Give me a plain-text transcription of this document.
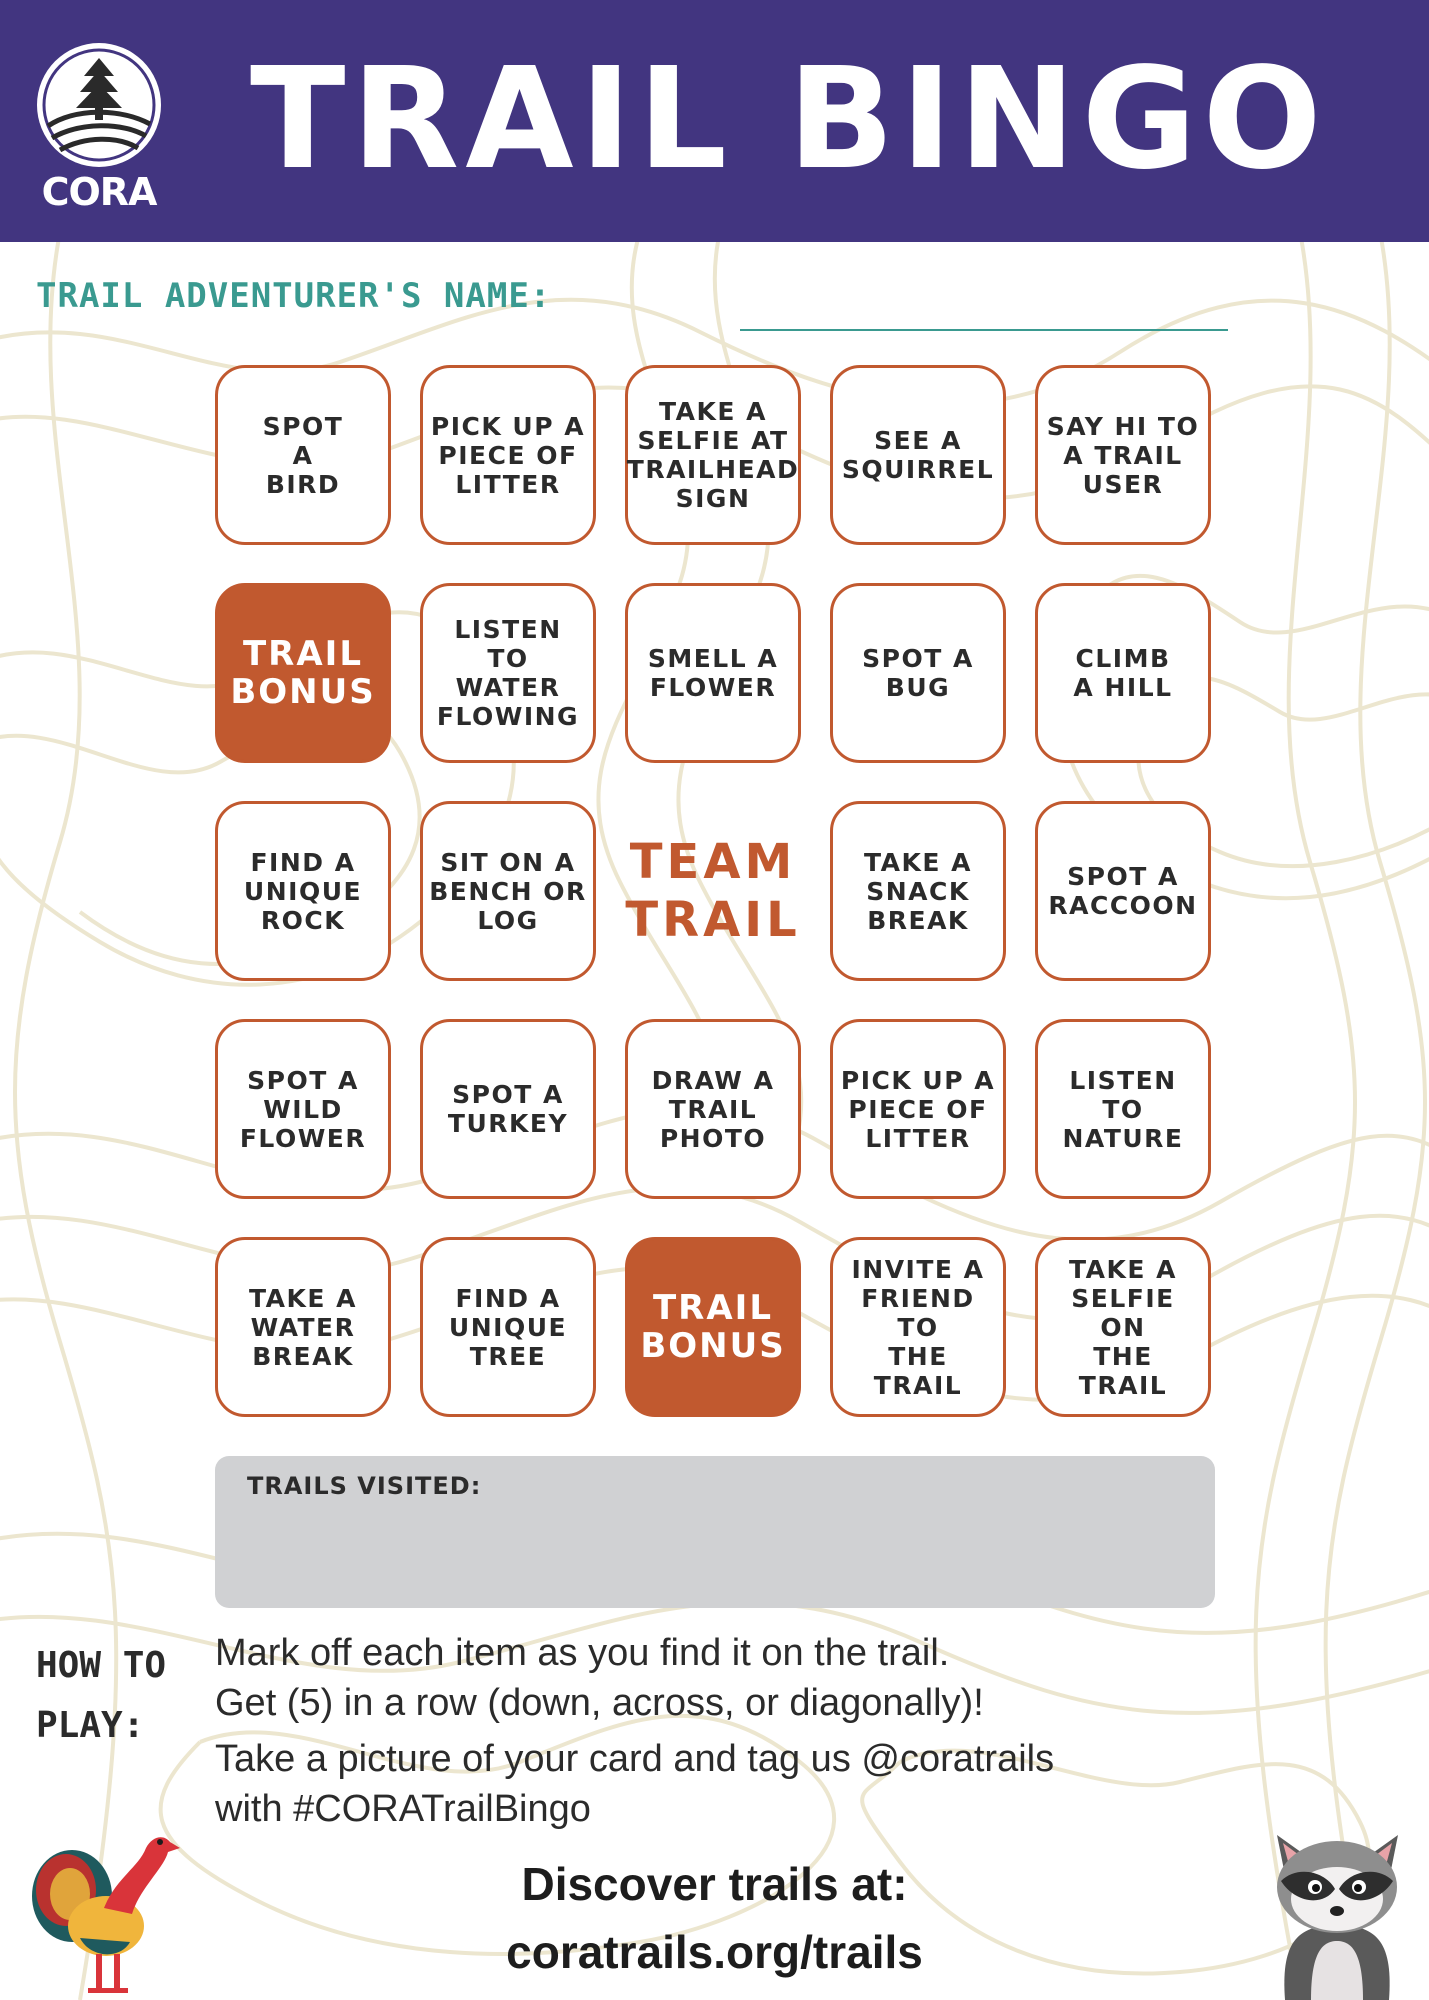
CORA TRAIL BINGO
TRAIL ADVENTURER'S NAME:
SPOT
A
BIRD
PICK UP A
PIECE OF
LITTER
TAKE A
SELFIE AT
TRAILHEAD
SIGN
SEE A
SQUIRREL
SAY HI TO
A TRAIL
USER
TRAIL
BONUS
LISTEN TO
WATER
FLOWING
SMELL A
FLOWER
SPOT A
BUG
CLIMB
A HILL
FIND A
UNIQUE
ROCK
SIT ON A
BENCH OR
LOG
TEAM
TRAIL
TAKE A
SNACK
BREAK
SPOT A
RACCOON
SPOT A
WILD
FLOWER
SPOT A
TURKEY
DRAW A
TRAIL
PHOTO
PICK UP A
PIECE OF
LITTER
LISTEN TO
NATURE
TAKE A
WATER
BREAK
FIND A
UNIQUE
TREE
TRAIL
BONUS
INVITE A
FRIEND TO
THE TRAIL
TAKE A
SELFIE ON
THE TRAIL
TRAILS VISITED:
HOW TO
PLAY:
Mark off each item as you find it on the trail.
Get (5) in a row (down, across, or diagonally)!
Take a picture of your card and tag us @coratrails
with #CORATrailBingo
Discover trails at:
coratrails.org/trails
